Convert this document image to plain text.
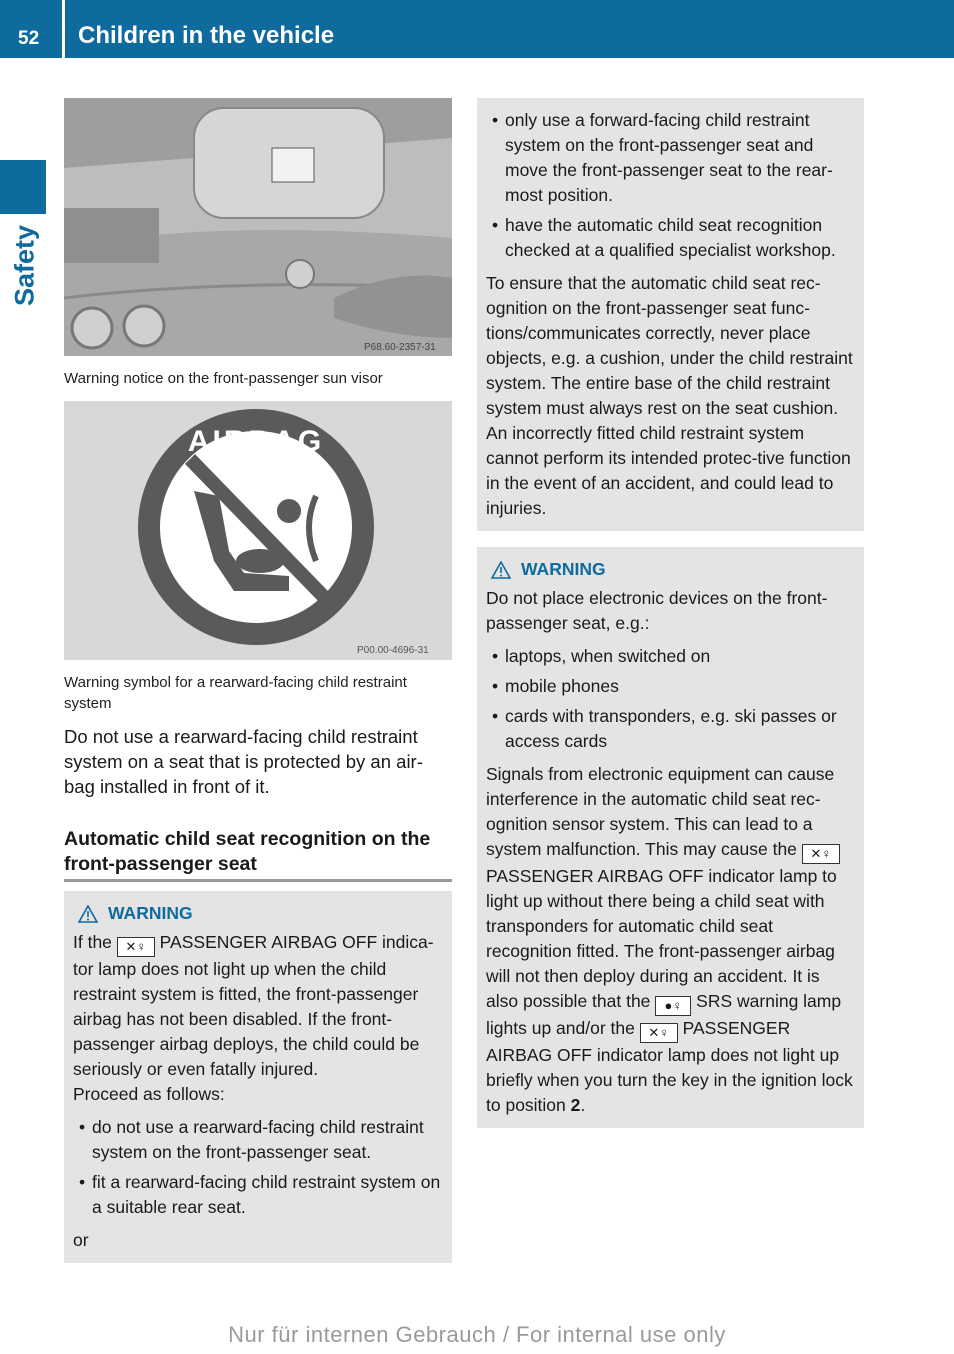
52 Children in the vehicle
Safety
P68.60-2357-31
Warning notice on the front-passenger sun visor
AIRBAG
P00.00-4696-31
Warning symbol for a rearward-facing child restraint system

Do not use a rearward-facing child restraint system on a seat that is protected by an air-bag installed in front of it.

Automatic child seat recognition on the front-passenger seat
WARNING

If the ✕♀ PASSENGER AIRBAG OFF indica-tor lamp does not light up when the child restraint system is fitted, the front-passenger airbag has not been disabled. If the front-passenger airbag deploys, the child could be seriously or even fatally injured.

Proceed as follows:

• do not use a rearward-facing child restraint system on the front-passenger seat.
• fit a rearward-facing child restraint system on a suitable rear seat.

or

• only use a forward-facing child restraint system on the front-passenger seat and move the front-passenger seat to the rear-most position.
• have the automatic child seat recognition checked at a qualified specialist workshop.

To ensure that the automatic child seat rec-ognition on the front-passenger seat func-tions/communicates correctly, never place objects, e.g. a cushion, under the child restraint system. The entire base of the child restraint system must always rest on the seat cushion. An incorrectly fitted child restraint system cannot perform its intended protec-tive function in the event of an accident, and could lead to injuries.

WARNING

Do not place electronic devices on the front-passenger seat, e.g.:

• laptops, when switched on
• mobile phones
• cards with transponders, e.g. ski passes or access cards

Signals from electronic equipment can cause interference in the automatic child seat rec-ognition sensor system. This can lead to a system malfunction. This may cause the ✕♀ PASSENGER AIRBAG OFF indicator lamp to light up without there being a child seat with transponders for automatic child seat recognition fitted. The front-passenger airbag will not then deploy during an accident. It is also possible that the ●♀ SRS warning lamp lights up and/or the ✕♀ PASSENGER AIRBAG OFF indicator lamp does not light up briefly when you turn the key in the ignition lock to position 2.

Nur für internen Gebrauch / For internal use only
